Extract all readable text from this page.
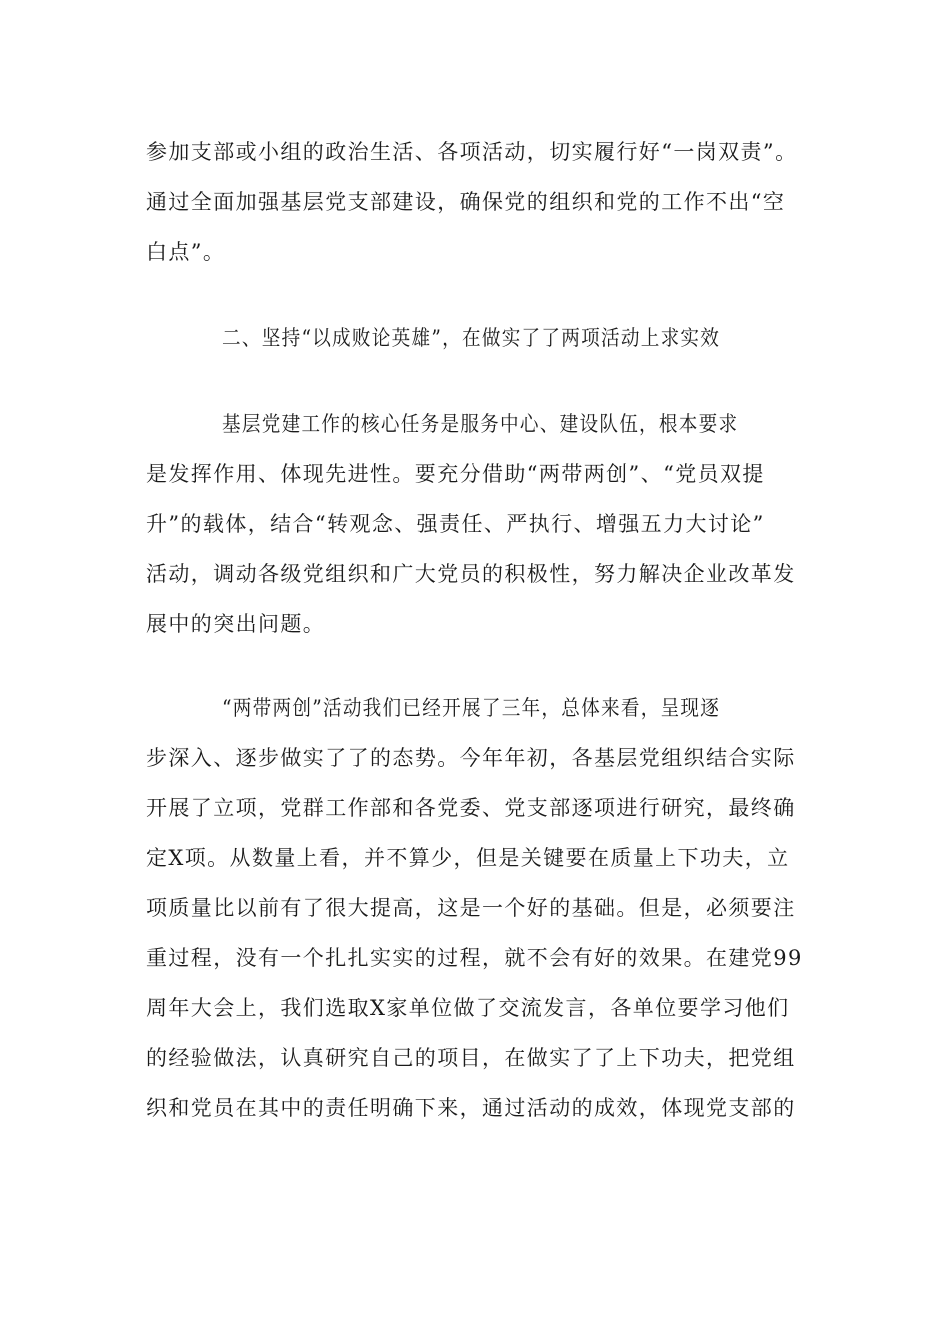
参加支部或小组的政治生活、各项活动，切实履行好“一岗双责”。
通过全面加强基层党支部建设，确保党的组织和党的工作不出“空
白点”。
二、坚持“以成败论英雄”，在做实了了两项活动上求实效
基层党建工作的核心任务是服务中心、建设队伍，根本要求
是发挥作用、体现先进性。要充分借助“两带两创”、“党员双提
升”的载体，结合“转观念、强责任、严执行、增强五力大讨论”
活动，调动各级党组织和广大党员的积极性，努力解决企业改革发
展中的突出问题。
“两带两创”活动我们已经开展了三年，总体来看，呈现逐
步深入、逐步做实了了的态势。今年年初，各基层党组织结合实际
开展了立项，党群工作部和各党委、党支部逐项进行研究，最终确
定X项。从数量上看，并不算少，但是关键要在质量上下功夫，立
项质量比以前有了很大提高，这是一个好的基础。但是，必须要注
重过程，没有一个扎扎实实的过程，就不会有好的效果。在建党99
周年大会上，我们选取X家单位做了交流发言，各单位要学习他们
的经验做法，认真研究自己的项目，在做实了了上下功夫，把党组
织和党员在其中的责任明确下来，通过活动的成效，体现党支部的
